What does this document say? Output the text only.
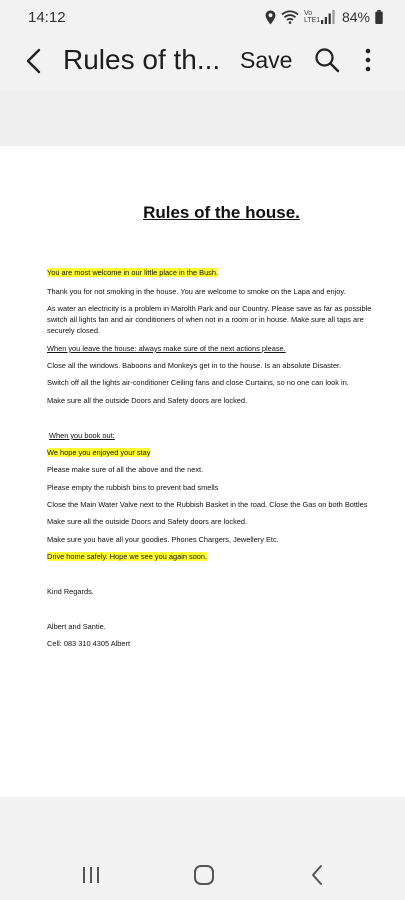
14:12	Vo LTE1 84%
Rules of th... Save
Rules of the house.
You are most welcome in our little place in the Bush.
Thank you for not smoking in the house. You are welcome to smoke on the Lapa and enjoy.
As water an electricity is a problem in Marolth Park and our Country. Please save as far as possible
switch all lights fan and air conditioners of when not in a room or in house. Make sure all taps are
securely closed.
When you leave the house: always make sure of the next actions please.
Close all the windows. Baboons and Monkeys get in to the house. Is an absolute Disaster.
Switch off all the lights air-conditioner Ceiling fans and close Curtains, so no one can look in.
Make sure all the outside Doors and Safety doors are locked.
When you book out:
We hope you enjoyed your stay
Please make sure of all the above and the next.
Please empty the rubbish bins to prevent bad smells
Close the Main Water Valve next to the Rubbish Basket in the road. Close the Gas on both Bottles
Make sure all the outside Doors and Safety doors are locked.
Make sure you have all your goodies. Phones Chargers, Jewellery Etc.
Drive home safely. Hope we see you again soon.
Kind Regards.
Albert and Santie.
Cell: 083 310 4305 Albert
